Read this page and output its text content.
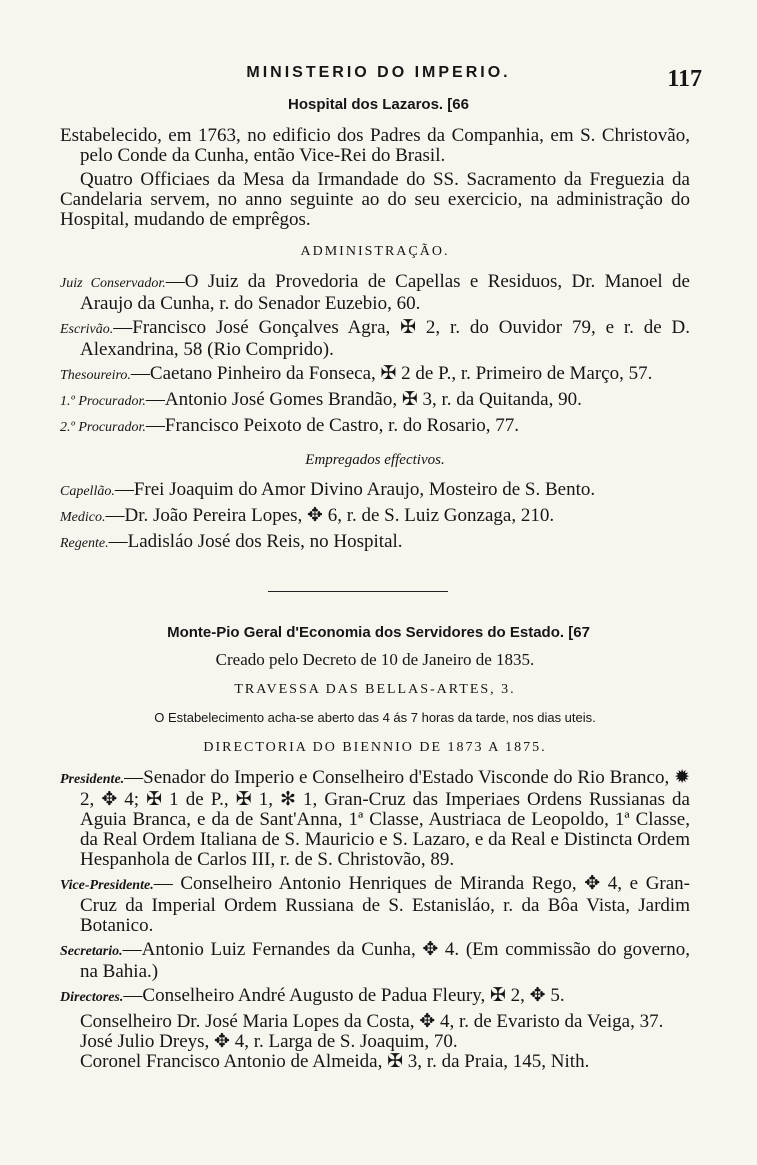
MINISTERIO DO IMPERIO.	117
Hospital dos Lazaros. [66

Estabelecido, em 1763, no edificio dos Padres da Companhia, em S. Christovão, pelo Conde da Cunha, então Vice-Rei do Brasil.

Quatro Officiaes da Mesa da Irmandade do SS. Sacramento da Freguezia da Candelaria servem, no anno seguinte ao do seu exercicio, na administração do Hospital, mudando de emprêgos.

ADMINISTRAÇÃO.

Juiz Conservador.—O Juiz da Provedoria de Capellas e Residuos, Dr. Manoel de Araujo da Cunha, r. do Senador Euzebio, 60.

Escrivão.—Francisco José Gonçalves Agra, ✠ 2, r. do Ouvidor 79, e r. de D. Alexandrina, 58 (Rio Comprido).

Thesoureiro.—Caetano Pinheiro da Fonseca, ✠ 2 de P., r. Primeiro de Março, 57.

1.º Procurador.—Antonio José Gomes Brandão, ✠ 3, r. da Quitanda, 90.

2.º Procurador.—Francisco Peixoto de Castro, r. do Rosario, 77.

Empregados effectivos.

Capellão.—Frei Joaquim do Amor Divino Araujo, Mosteiro de S. Bento.

Medico.—Dr. João Pereira Lopes, ✥ 6, r. de S. Luiz Gonzaga, 210.

Regente.—Ladisláo José dos Reis, no Hospital.

Monte-Pio Geral d'Economia dos Servidores do Estado. [67
Creado pelo Decreto de 10 de Janeiro de 1835.
TRAVESSA DAS BELLAS-ARTES, 3.
O Estabelecimento acha-se aberto das 4 ás 7 horas da tarde, nos dias uteis.
DIRECTORIA DO BIENNIO DE 1873 A 1875.

Presidente.—Senador do Imperio e Conselheiro d'Estado Visconde do Rio Branco, ✹ 2, ✥ 4; ✠ 1 de P., ✠ 1, ✻ 1, Gran-Cruz das Imperiaes Ordens Russianas da Aguia Branca, e da de Sant'Anna, 1ª Classe, Austriaca de Leopoldo, 1ª Classe, da Real Ordem Italiana de S. Mauricio e S. Lazaro, e da Real e Distincta Ordem Hespanhola de Carlos III, r. de S. Christovão, 89.

Vice-Presidente.— Conselheiro Antonio Henriques de Miranda Rego, ✥ 4, e Gran-Cruz da Imperial Ordem Russiana de S. Estanisláo, r. da Bôa Vista, Jardim Botanico.

Secretario.—Antonio Luiz Fernandes da Cunha, ✥ 4. (Em commissão do governo, na Bahia.)

Directores.—Conselheiro André Augusto de Padua Fleury, ✠ 2, ✥ 5.

Conselheiro Dr. José Maria Lopes da Costa, ✥ 4, r. de Evaristo da Veiga, 37.

José Julio Dreys, ✥ 4, r. Larga de S. Joaquim, 70.

Coronel Francisco Antonio de Almeida, ✠ 3, r. da Praia, 145, Nith.
